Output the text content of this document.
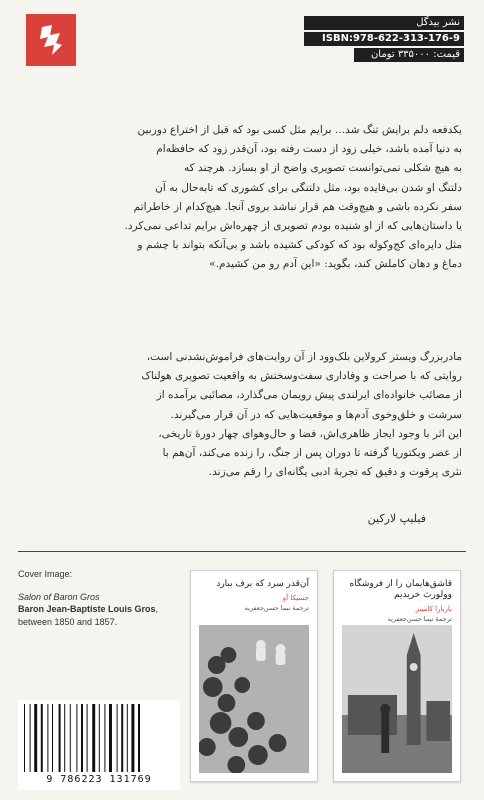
نشر بیدگل
ISBN:978-622-313-176-9
قیمت: ۳۳۵۰۰۰ تومان
یکدفعه دلم برایش تنگ شد... برایم مثل کسی بود که قبل از اختراع دوربین
به دنیا آمده باشد، خیلی زود از دست رفته بود، آن‌قدر زود که حافظه‌ام
به هیچ شکلی نمی‌توانست تصویری واضح از او بسازد. هرچند که
دلتنگ او شدن بی‌فایده بود، مثل دلتنگی برای کشوری که تابه‌حال به آن
سفر نکرده باشی و هیچ‌وقت هم قرار نباشد بروی آنجا. هیچ‌کدام از خاطراتم
یا داستان‌هایی که از او شنیده بودم تصویری از چهره‌اش برایم تداعی نمی‌کرد.
مثل دایره‌ای کج‌وکوله بود که کودکی کشیده باشد و بی‌آنکه بتواند با چشم و
دماغ و دهان کاملش کند، بگوید: «این آدم رو من کشیدم.»
مادربزرگ ویستر کرولاین بلک‌وود از آن روایت‌های فراموش‌نشدنی است،
روایتی که با صراحت و وفاداری سفت‌وسختش به واقعیت تصویری هولناک
از مصائب خانواده‌ای ایرلندی پیش رویمان می‌گذارد، مصائبی برآمده از
سرشت و خلق‌وخوی آدم‌ها و موقعیت‌هایی که در آن قرار می‌گیرند.
این اثر با وجود ایجاز ظاهری‌اش، فضا و حال‌وهوای چهار دورهٔ تاریخی،
از عصر ویکتوریا گرفته تا دوران پس از جنگ، را زنده می‌کند، آن‌هم با
نثری پرقوت و دقیق که تجربهٔ ادبی یگانه‌ای را رقم می‌زند.
فیلیپ لارکین
Cover Image:
Salon of Baron Gros
Baron Jean-Baptiste Louis Gros, between 1850 and 1857.
9 786223 131769
آن‌قدر سرد که برف ببارد
جسیکا آو
ترجمهٔ نیما حسن‌جعفریه
قاشق‌هایمان را از فروشگاه وولورث خریدیم
باربارا کامینز
ترجمهٔ نیما حسن‌جعفریه
